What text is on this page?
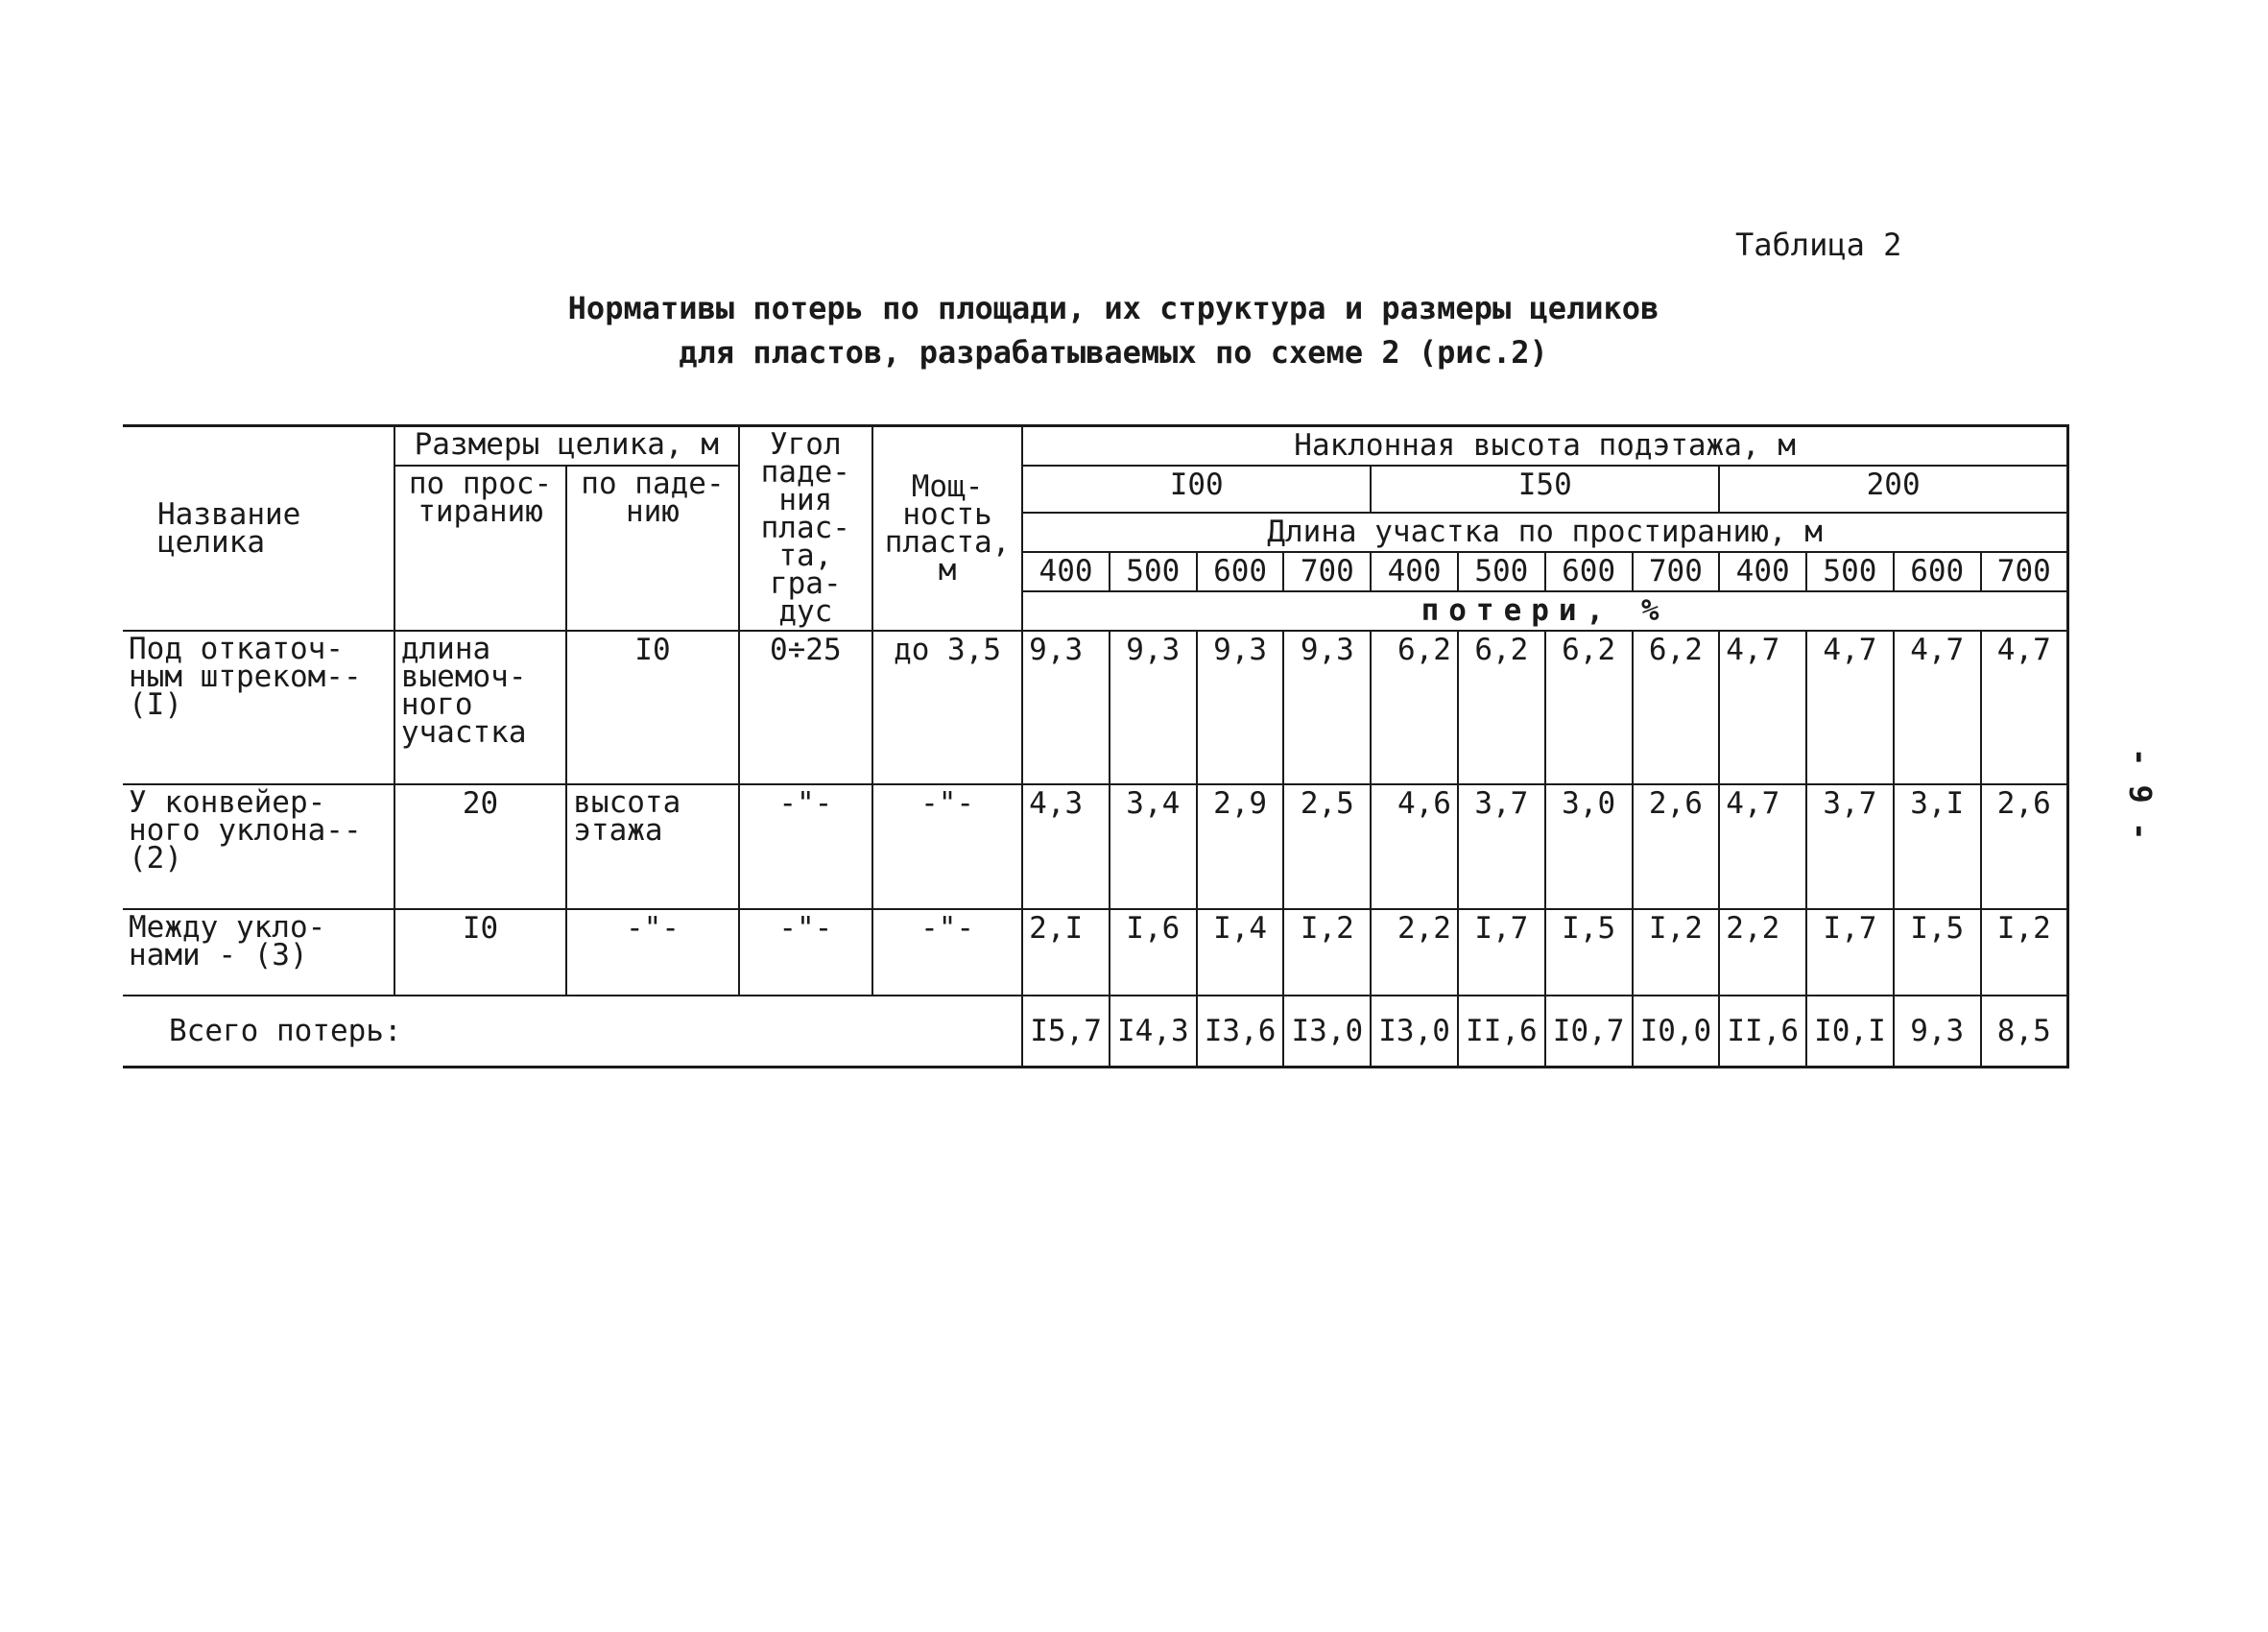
Таблица 2
Нормативы потерь по площади, их структура и размеры целиков
для пластов, разрабатываемых по схеме 2 (рис.2)
- 9 -
Название целика	Размеры целика, м		Угол паде-ния плас-та, гра-дус	Мощ-ность пласта, м	Наклонная высота подэтажа, м											
	по прос-тиранию	по паде-нию			I00				I50				200			
					Длина участка по простиранию, м											
					400	500	600	700	400	500	600	700	400	500	600	700
					потери, %											
Под откаточ-ным штреком--(I)	длина выемоч-ного участка	I0	0÷25	до 3,5	9,3	9,3	9,3	9,3	6,2	6,2	6,2	6,2	4,7	4,7	4,7	4,7
У конвейер-ного уклона--(2)	20	высота этажа	-"-	-"-	4,3	3,4	2,9	2,5	4,6	3,7	3,0	2,6	4,7	3,7	3,I	2,6
Между укло-нами - (3)	I0	-"-	-"-	-"-	2,I	I,6	I,4	I,2	2,2	I,7	I,5	I,2	2,2	I,7	I,5	I,2
Всего потерь:					I5,7	I4,3	I3,6	I3,0	I3,0	II,6	I0,7	I0,0	II,6	I0,I	9,3	8,5
